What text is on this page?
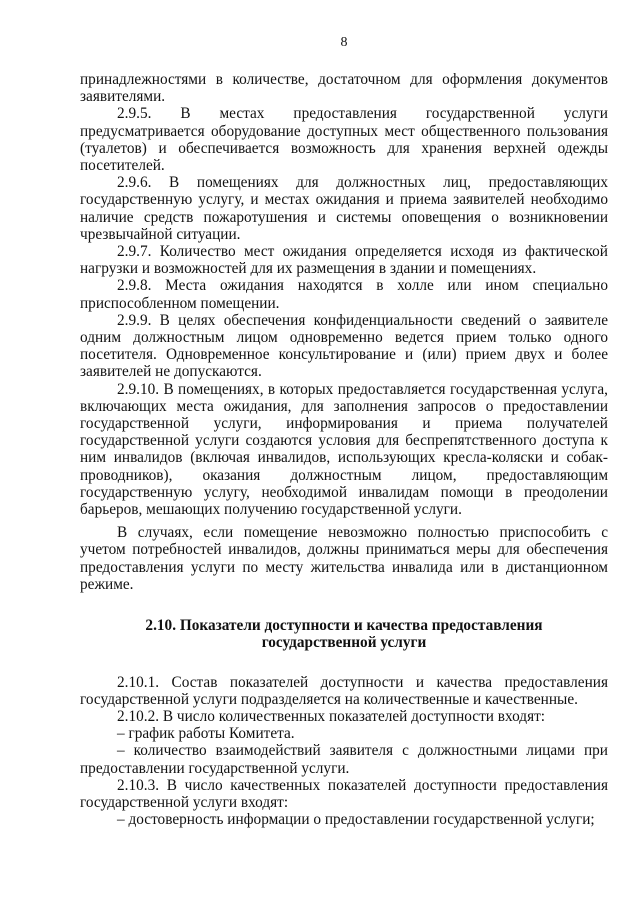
8

принадлежностями в количестве, достаточном для оформления документов заявителями.

2.9.5. В местах предоставления государственной услуги предусматривается оборудование доступных мест общественного пользования (туалетов) и обеспечивается возможность для хранения верхней одежды посетителей.

2.9.6. В помещениях для должностных лиц, предоставляющих государственную услугу, и местах ожидания и приема заявителей необходимо наличие средств пожаротушения и системы оповещения о возникновении чрезвычайной ситуации.

2.9.7. Количество мест ожидания определяется исходя из фактической нагрузки и возможностей для их размещения в здании и помещениях.

2.9.8. Места ожидания находятся в холле или ином специально приспособленном помещении.

2.9.9. В целях обеспечения конфиденциальности сведений о заявителе одним должностным лицом одновременно ведется прием только одного посетителя. Одновременное консультирование и (или) прием двух и более заявителей не допускаются.

2.9.10. В помещениях, в которых предоставляется государственная услуга, включающих места ожидания, для заполнения запросов о предоставлении государственной услуги, информирования и приема получателей государственной услуги создаются условия для беспрепятственного доступа к ним инвалидов (включая инвалидов, использующих кресла-коляски и собак-проводников), оказания должностным лицом, предоставляющим государственную услугу, необходимой инвалидам помощи в преодолении барьеров, мешающих получению государственной услуги.

В случаях, если помещение невозможно полностью приспособить с учетом потребностей инвалидов, должны приниматься меры для обеспечения предоставления услуги по месту жительства инвалида или в дистанционном режиме.

2.10. Показатели доступности и качества предоставления
государственной услуги

2.10.1. Состав показателей доступности и качества предоставления государственной услуги подразделяется на количественные и качественные.

2.10.2. В число количественных показателей доступности входят:

– график работы Комитета.

– количество взаимодействий заявителя с должностными лицами при предоставлении государственной услуги.

2.10.3. В число качественных показателей доступности предоставления государственной услуги входят:

– достоверность информации о предоставлении государственной услуги;
